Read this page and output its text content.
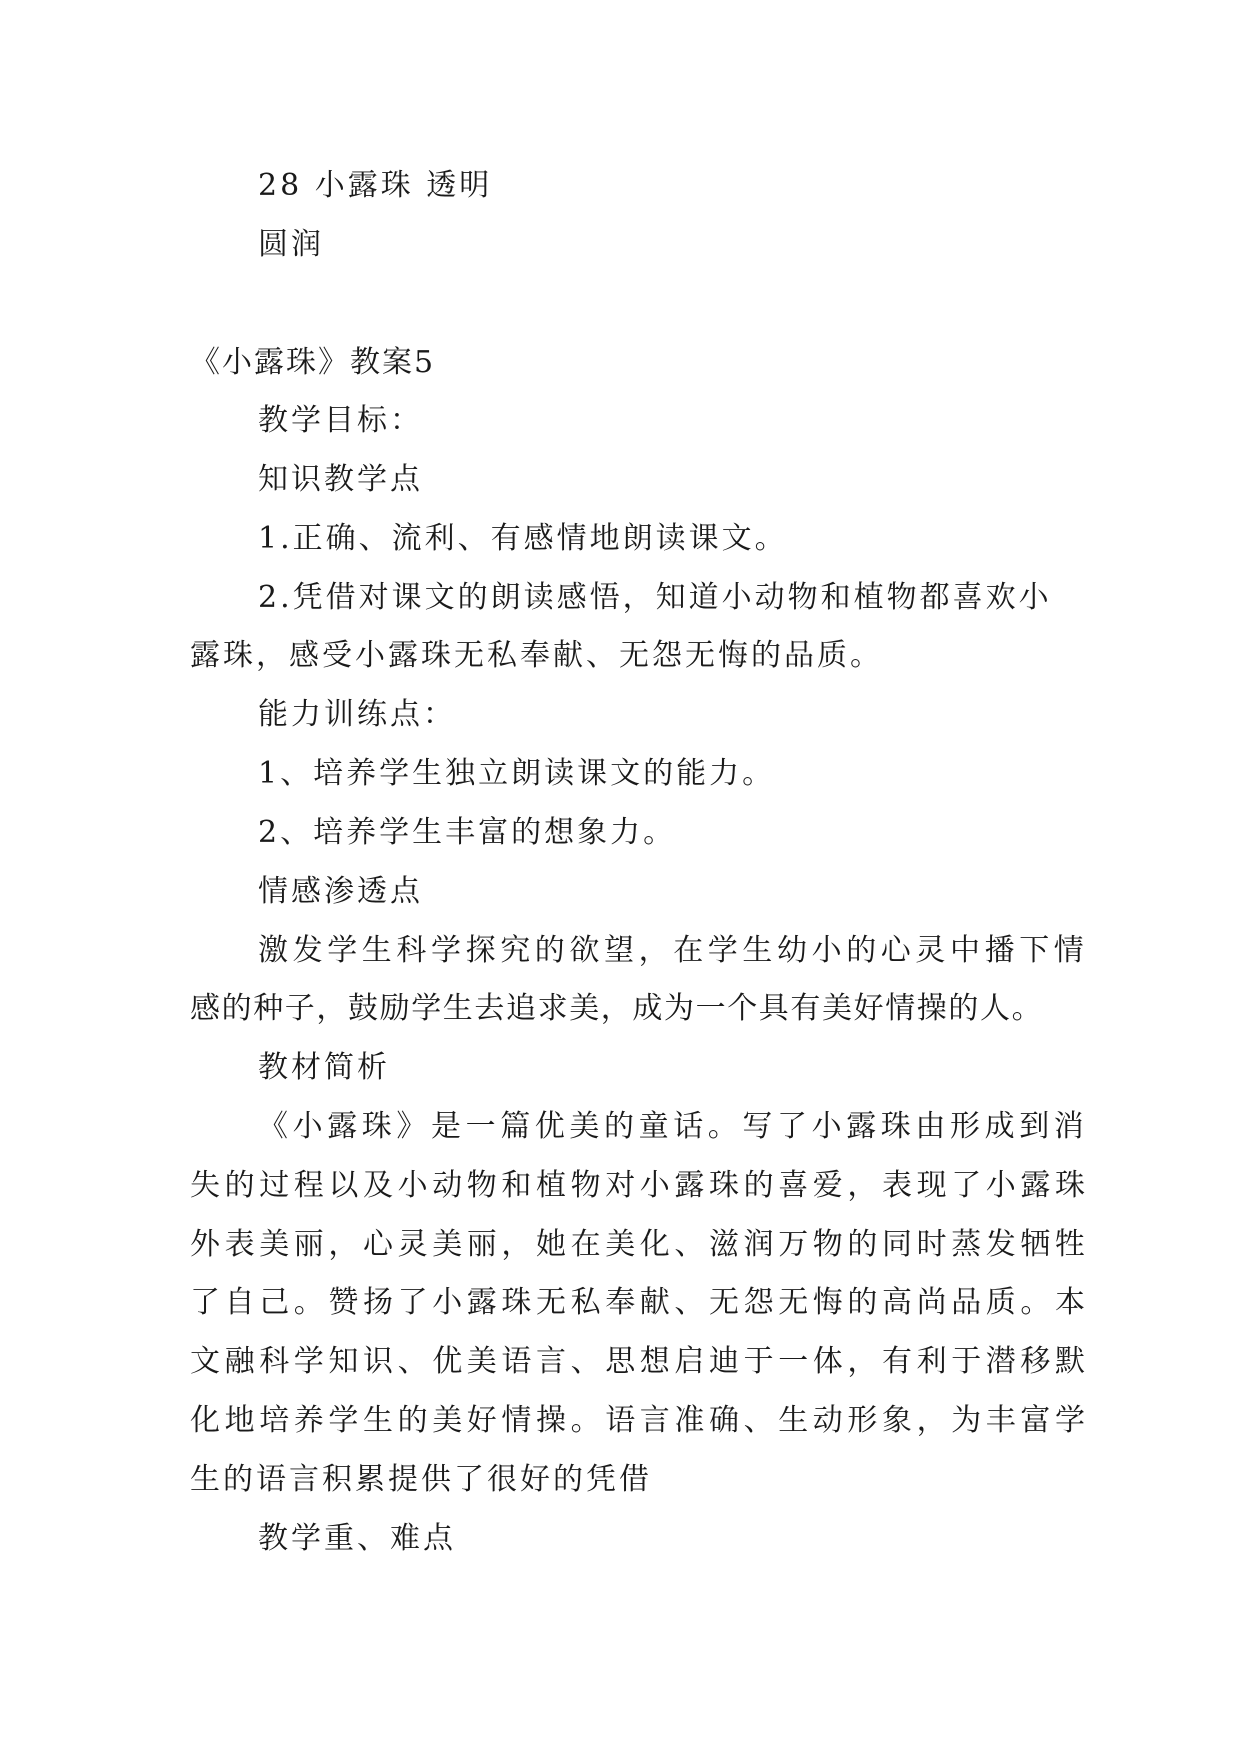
28 小露珠 透明
圆润
《小露珠》教案5
教学目标：
知识教学点
1.正确、流利、有感情地朗读课文。
2.凭借对课文的朗读感悟，知道小动物和植物都喜欢小
露珠，感受小露珠无私奉献、无怨无悔的品质。
能力训练点：
1、培养学生独立朗读课文的能力。
2、培养学生丰富的想象力。
情感渗透点
激发学生科学探究的欲望，在学生幼小的心灵中播下情
感的种子，鼓励学生去追求美，成为一个具有美好情操的人。
教材简析
《小露珠》是一篇优美的童话。写了小露珠由形成到消
失的过程以及小动物和植物对小露珠的喜爱，表现了小露珠
外表美丽，心灵美丽，她在美化、滋润万物的同时蒸发牺牲
了自己。赞扬了小露珠无私奉献、无怨无悔的高尚品质。本
文融科学知识、优美语言、思想启迪于一体，有利于潜移默
化地培养学生的美好情操。语言准确、生动形象，为丰富学
生的语言积累提供了很好的凭借
教学重、难点
